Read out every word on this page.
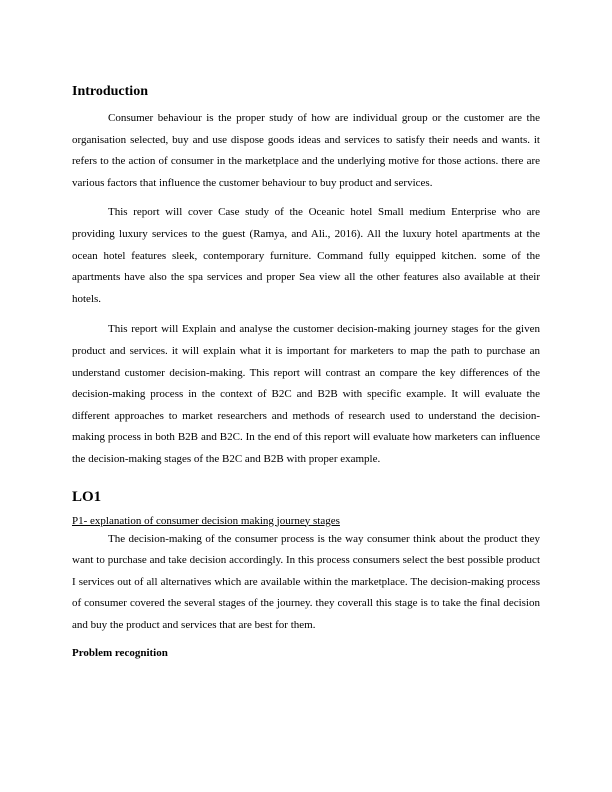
Introduction

Consumer behaviour is the proper study of how are individual group or the customer are the organisation selected, buy and use dispose goods ideas and services to satisfy their needs and wants. it refers to the action of consumer in the marketplace and the underlying motive for those actions. there are various factors that influence the customer behaviour to buy product and services.

This report will cover Case study of the Oceanic hotel Small medium Enterprise who are providing luxury services to the guest (Ramya, and Ali., 2016). All the luxury hotel apartments at the ocean hotel features sleek, contemporary furniture. Command fully equipped kitchen. some of the apartments have also the spa services and proper Sea view all the other features also available at their hotels.

This report will Explain and analyse the customer decision-making journey stages for the given product and services. it will explain what it is important for marketers to map the path to purchase an understand customer decision-making. This report will contrast an compare the key differences of the decision-making process in the context of B2C and B2B with specific example. It will evaluate the different approaches to market researchers and methods of research used to understand the decision-making process in both B2B and B2C. In the end of this report will evaluate how marketers can influence the decision-making stages of the B2C and B2B with proper example.

LO1
P1- explanation of consumer decision making journey stages

The decision-making of the consumer process is the way consumer think about the product they want to purchase and take decision accordingly. In this process consumers select the best possible product I services out of all alternatives which are available within the marketplace. The decision-making process of consumer covered the several stages of the journey. they coverall this stage is to take the final decision and buy the product and services that are best for them.

Problem recognition
